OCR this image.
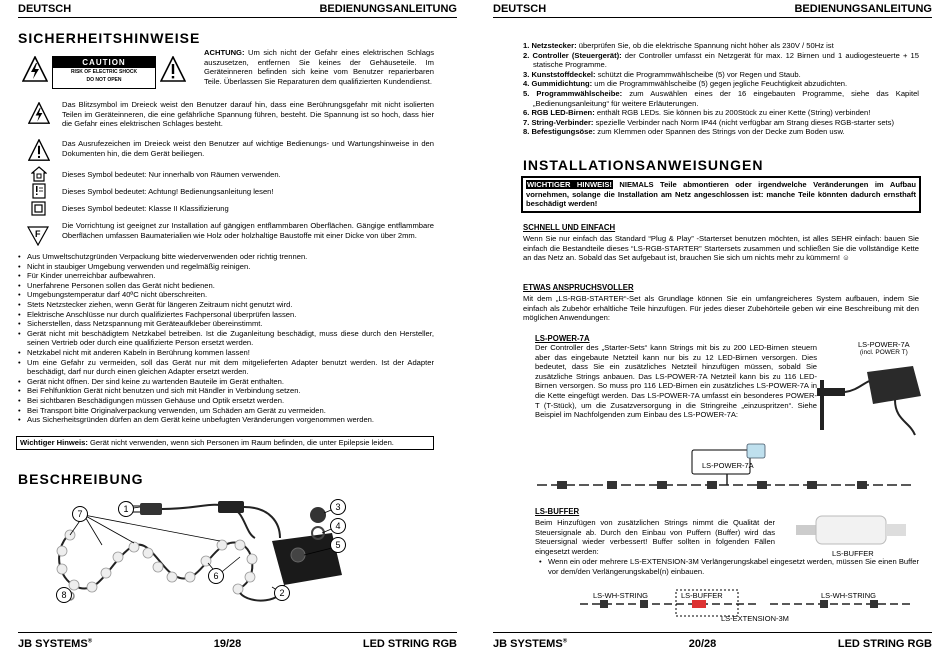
DEUTSCH	BEDIENUNGSANLEITUNG
SICHERHEITSHINWEISE
CAUTION
RISK OF ELECTRIC SHOCK
DO NOT OPEN
ACHTUNG: Um sich nicht der Gefahr eines elektrischen Schlags auszusetzen, entfernen Sie keines der Gehäuseteile. Im Geräteinneren befinden sich keine vom Benutzer reparierbaren Teile. Überlassen Sie Reparaturen dem qualifizierten Kundendienst.
Das Blitzsymbol im Dreieck weist den Benutzer darauf hin, dass eine Berührungsgefahr mit nicht isolierten Teilen im Geräteinneren, die eine gefährliche Spannung führen, besteht. Die Spannung ist so hoch, dass hier die Gefahr eines elektrischen Schlages besteht.
Das Ausrufezeichen im Dreieck weist den Benutzer auf wichtige Bedienungs- und Wartungshinweise in den Dokumenten hin, die dem Gerät beiliegen.
Dieses Symbol bedeutet: Nur innerhalb von Räumen verwenden.
Dieses Symbol bedeutet: Achtung! Bedienungsanleitung lesen!
Dieses Symbol bedeutet: Klasse II Klassifizierung
F
Die Vorrichtung ist geeignet zur Installation auf gängigen entflammbaren Oberflächen. Gängige entflammbare Oberflächen umfassen Baumaterialien wie Holz oder holzhaltige Baustoffe mit einer Dicke von über 2mm.
• Aus Umweltschutzgründen Verpackung bitte wiederverwenden oder richtig trennen.
• Nicht in staubiger Umgebung verwenden und regelmäßig reinigen.
• Für Kinder unerreichbar aufbewahren.
• Unerfahrene Personen sollen das Gerät nicht bedienen.
• Umgebungstemperatur darf 40ºC nicht überschreiten.
• Stets Netzstecker ziehen, wenn Gerät für längeren Zeitraum nicht genutzt wird.
• Elektrische Anschlüsse nur durch qualifiziertes Fachpersonal überprüfen lassen.
• Sicherstellen, dass Netzspannung mit Geräteaufkleber übereinstimmt.
• Gerät nicht mit beschädigtem Netzkabel betreiben. Ist die Zuganleitung beschädigt, muss diese durch den Hersteller, seinen Vertrieb oder durch eine qualifizierte Person ersetzt werden.
• Netzkabel nicht mit anderen Kabeln in Berührung kommen lassen!
• Um eine Gefahr zu vermeiden, soll das Gerät nur mit dem mitgelieferten Adapter benutzt werden. Ist der Adapter beschädigt, darf nur durch einen gleichen Adapter ersetzt werden.
• Gerät nicht öffnen. Der sind keine zu wartenden Bauteile im Gerät enthalten.
• Bei Fehlfunktion Gerät nicht benutzen und sich mit Händler in Verbindung setzen.
• Bei sichtbaren Beschädigungen müssen Gehäuse und Optik ersetzt werden.
• Bei Transport bitte Originalverpackung verwenden, um Schäden am Gerät zu vermeiden.
• Aus Sicherheitsgründen dürfen an dem Gerät keine unbefugten Veränderungen vorgenommen werden.
Wichtiger Hinweis: Gerät nicht verwenden, wenn sich Personen im Raum befinden, die unter Epilepsie leiden.
BESCHREIBUNG
1
2
3
4
5
6
7
8
JB SYSTEMS®	19/28	LED STRING RGB
DEUTSCH	BEDIENUNGSANLEITUNG
1. Netzstecker: überprüfen Sie, ob die elektrische Spannung nicht höher als 230V / 50Hz ist
2. Controller (Steuergerät): der Controller umfasst ein Netzgerät für max. 12 Birnen und 1 audiogesteuerte + 15 statische Programme.
3. Kunststoffdeckel: schützt die Programmwählscheibe (5) vor Regen und Staub.
4. Gummidichtung: um die Programmwählscheibe (5) gegen jegliche Feuchtigkeit abzudichten.
5. Programmwählscheibe: zum Auswählen eines der 16 eingebauten Programme, siehe das Kapitel „Bedienungsanleitung“ für weitere Erläuterungen.
6. RGB LED-Birnen: enthält RGB LEDs. Sie können bis zu 200Stück zu einer Kette (String) verbinden!
7. String-Verbinder: spezielle Verbinder nach Norm IP44 (nicht verfügbar am Strang dieses RGB-starter sets)
8. Befestigungsöse: zum Klemmen oder Spannen des Strings von der Decke zum Boden usw.
INSTALLATIONSANWEISUNGEN
WICHTIGER HINWEIS! NIEMALS Teile abmontieren oder irgendwelche Veränderungen im Aufbau vornehmen, solange die Installation am Netz angeschlossen ist: manche Teile könnten dadurch ernsthaft beschädigt werden!
SCHNELL UND EINFACH
Wenn Sie nur einfach das Standard “Plug & Play” -Starterset benutzen möchten, ist alles SEHR einfach: bauen Sie einfach die Bestandteile dieses “LS-RGB-STARTER” Startersets zusammen und schließen Sie die vollständige Kette an das Netz an. Sobald das Set aufgebaut ist, brauchen Sie sich um nichts mehr zu kümmern! ☺
ETWAS ANSPRUCHSVOLLER
Mit dem „LS-RGB-STARTER“-Set als Grundlage können Sie ein umfangreicheres System aufbauen, indem Sie einfach als Zubehör erhältliche Teile hinzufügen. Für jedes dieser Zubehörteile geben wir eine Beschreibung mit den möglichen Anwendungen:
LS-POWER-7A
Der Controller des „Starter-Sets“ kann Strings mit bis zu 200 LED-Birnen steuern aber das eingebaute Netzteil kann nur bis zu 12 LED-Birnen versorgen. Dies bedeutet, dass Sie ein zusätzliches Netzteil hinzufügen müssen, sobald Sie zusätzliche Strings anbauen. Das LS-POWER-7A Netzteil kann bis zu 116 LED-Birnen versorgen. So muss pro 116 LED-Birnen ein zusätzliches LS-POWER-7A in die Kette eingefügt werden. Das LS-POWER-7A umfasst ein besonderes POWER-T (T-Stück), um die Zusatzversorgung in die Stringreihe „einzuspritzen“. Siehe Beispiel im Nachfolgenden zum Einbau des LS-POWER-7A:
LS-POWER-7A
(incl. POWER T)
LS-POWER-7A
LS-BUFFER
Beim Hinzufügen von zusätzlichen Strings nimmt die Qualität der Steuersignale ab. Durch den Einbau von Puffern (Buffer) wird das Steuersignal wieder verbessert! Buffer sollten in folgenden Fällen eingesetzt werden:
• Wenn ein oder mehrere LS-EXTENSION-3M Verlängerungskabel eingesetzt werden, müssen Sie einen Buffer vor dem/den Verlängerungskabel(n) einbauen.
LS-BUFFER
LS-WH-STRING	LS-BUFFER	LS-WH-STRING
LS-EXTENSION-3M
JB SYSTEMS®	20/28	LED STRING RGB
